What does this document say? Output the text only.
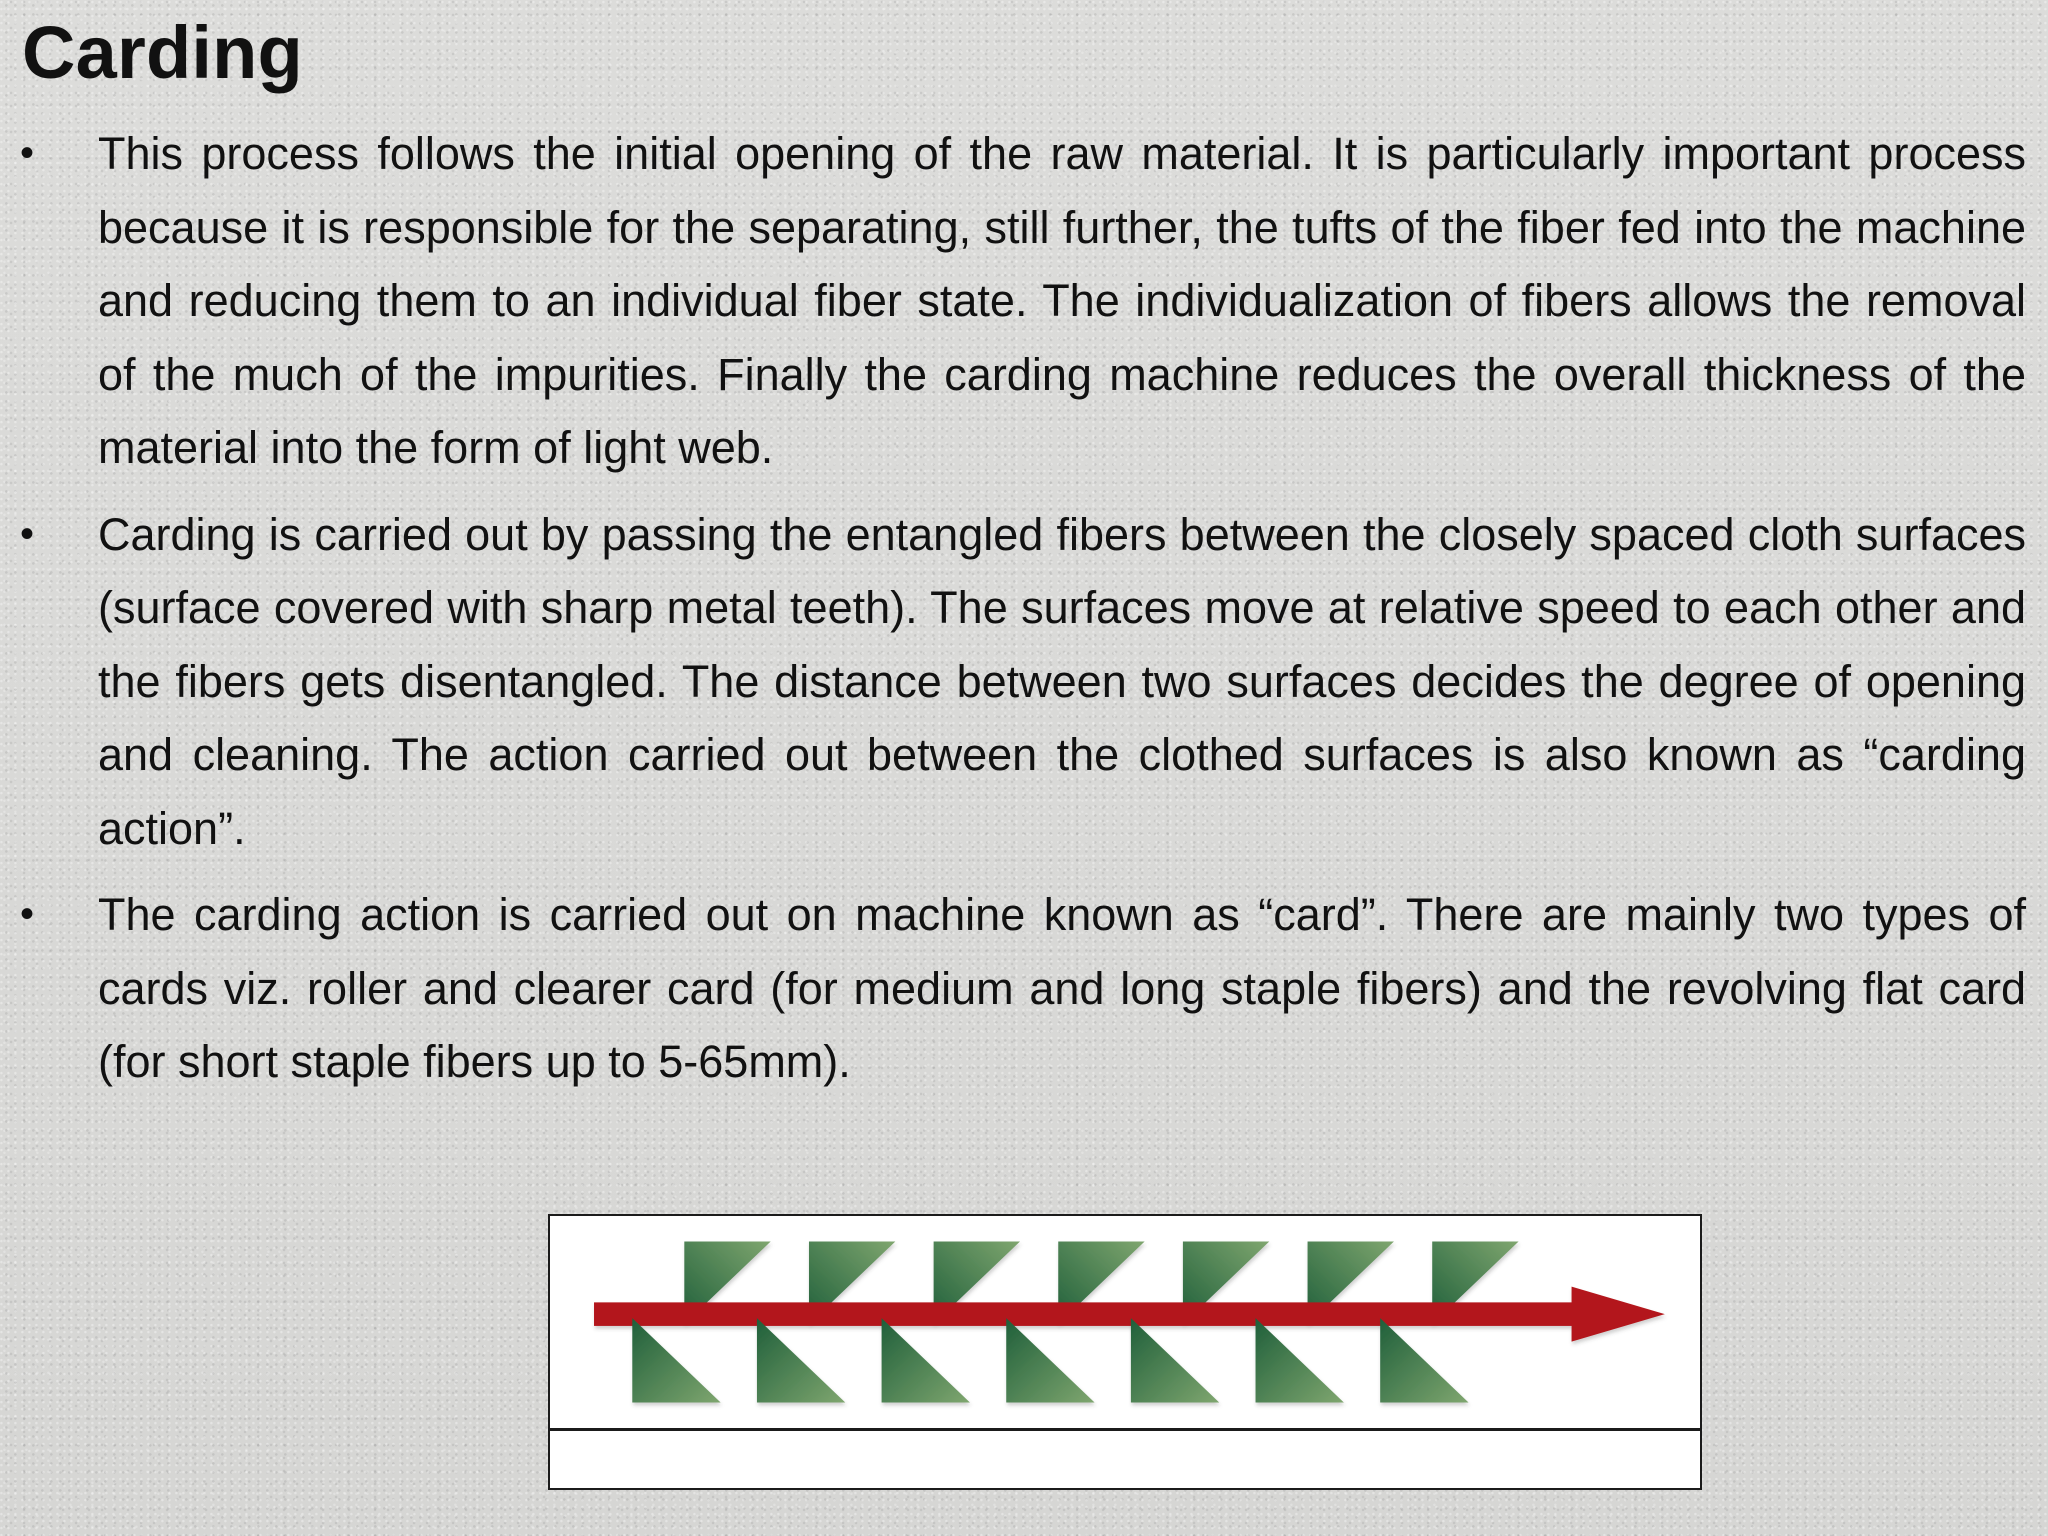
Carding
•	This process follows the initial opening of the raw material. It is particularly important process because it is responsible for the separating, still further, the tufts of the fiber fed into the machine and reducing them to an individual fiber state. The individualization of fibers allows the removal of the much of the impurities. Finally the carding machine reduces the overall thickness of the material into the form of light web.
•	Carding is carried out by passing the entangled fibers between the closely spaced cloth surfaces (surface covered with sharp metal teeth). The surfaces move at relative speed to each other and the fibers gets disentangled. The distance between two surfaces decides the degree of opening and cleaning. The action carried out between the clothed surfaces is also known as “carding action”.
•	The carding action is carried out on machine known as “card”. There are mainly two types of cards viz. roller and clearer card (for medium and long staple fibers) and the revolving flat card (for short staple fibers up to 5-65mm).
